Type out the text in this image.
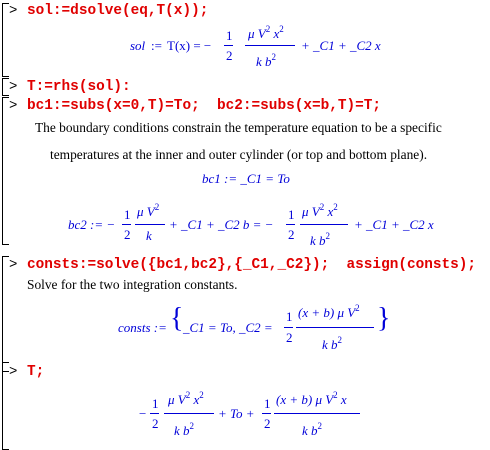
> sol:=dsolve(eq,T(x));
sol := T(x) = −
1
2
μ $V^2$ $x^2$
k $b^2$
+ _C1 + _C2 x
> T:=rhs(sol):
> bc1:=subs(x=0,T)=To;  bc2:=subs(x=b,T)=T;
The boundary conditions constrain the temperature equation to be a specific
temperatures at the inner and outer cylinder (or top and bottom plane).
bc1 := _C1 = To
bc2 := −
1
2
μ $V^2$
k
+ _C1 + _C2 b = −
1
2
μ $V^2$ $x^2$
k $b^2$
+ _C1 + _C2 x
> consts:=solve({bc1,bc2},{_C1,_C2});  assign(consts);
Solve for the two integration constants.
consts := { _C1 = To, _C2 =
1
2
(x + b) μ $V^2$
k $b^2$
}
> T;
−
1
2
μ $V^2$ $x^2$
k $b^2$
+ To +
1
2
(x + b) μ $V^2$ x
k $b^2$
